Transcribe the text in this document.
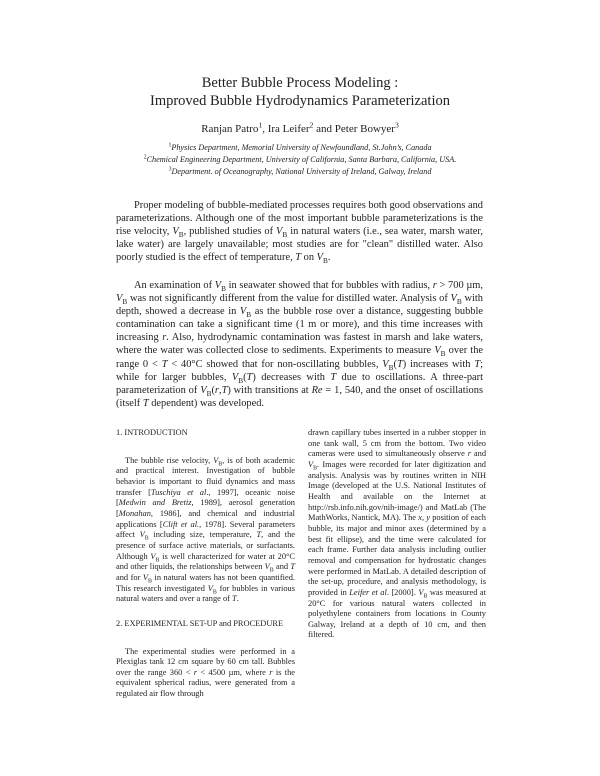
Better Bubble Process Modeling :
Improved Bubble Hydrodynamics Parameterization
Ranjan Patro$^1$, Ira Leifer$^2$ and Peter Bowyer$^3$
$^1$Physics Department, Memorial University of Newfoundland, St.John’s, Canada
$^2$Chemical Engineering Department, University of California, Santa Barbara, California, USA.
$^3$Department. of Oceanography, National University of Ireland, Galway, Ireland

Proper modeling of bubble-mediated processes requires both good observations and parameterizations. Although one of the most important bubble parameterizations is the rise velocity, $V_B$, published studies of $V_B$ in natural waters (i.e., sea water, marsh water, lake water) are largely unavailable; most studies are for "clean" distilled water. Also poorly studied is the effect of temperature, T on $V_B$.

An examination of $V_B$ in seawater showed that for bubbles with radius, r > 700 µm, $V_B$ was not significantly different from the value for distilled water. Analysis of $V_B$ with depth, showed a decrease in $V_B$ as the bubble rose over a distance, suggesting bubble contamination can take a significant time (1 m or more), and this time increases with increasing r. Also, hydrodynamic contamination was fastest in marsh and lake waters, where the water was collected close to sediments. Experiments to measure $V_B$ over the range 0 < T < 40°C showed that for non-oscillating bubbles, $V_B(T)$ increases with T; while for larger bubbles, $V_B(T)$ decreases with T due to oscillations. A three-part parameterization of $V_B(r,T)$ with transitions at Re = 1, 540, and the onset of oscillations (itself T dependent) was developed.

1. INTRODUCTION

The bubble rise velocity, $V_B$, is of both academic and practical interest. Investigation of bubble behavior is important to fluid dynamics and mass transfer [Tuschiya et al., 1997], oceanic noise [Medwin and Bretiz, 1989], aerosol generation [Monahan, 1986], and chemical and industrial applications [Clift et al., 1978]. Several parameters affect $V_B$ including size, temperature, T, and the presence of surface active materials, or surfactants. Although $V_B$ is well characterized for water at 20°C and other liquids, the relationships between $V_B$ and T and for $V_B$ in natural waters has not been quantified. This research investigated $V_B$ for bubbles in various natural waters and over a range of T.

2. EXPERIMENTAL SET-UP and PROCEDURE

The experimental studies were performed in a Plexiglas tank 12 cm square by 60 cm tall. Bubbles over the range 360 < r < 4500 µm, where r is the equivalent spherical radius, were generated from a regulated air flow through

drawn capillary tubes inserted in a rubber stopper in one tank wall, 5 cm from the bottom. Two video cameras were used to simultaneously observe r and $V_B$. Images were recorded for later digitization and analysis. Analysis was by routines written in NIH Image (developed at the U.S. National Institutes of Health and available on the Internet at http://rsb.info.nih.gov/nih-image/) and MatLab (The MathWorks, Nantick, MA). The x, y position of each bubble, its major and minor axes (determined by a best fit ellipse), and the time were calculated for each frame. Further data analysis including outlier removal and compensation for hydrostatic changes were performed in MatLab. A detailed description of the set-up, procedure, and analysis methodology, is provided in Leifer et al. [2000]. $V_B$ was measured at 20°C for various natural waters collected in polyethylene containers from locations in County Galway, Ireland at a depth of 10 cm, and then filtered.
